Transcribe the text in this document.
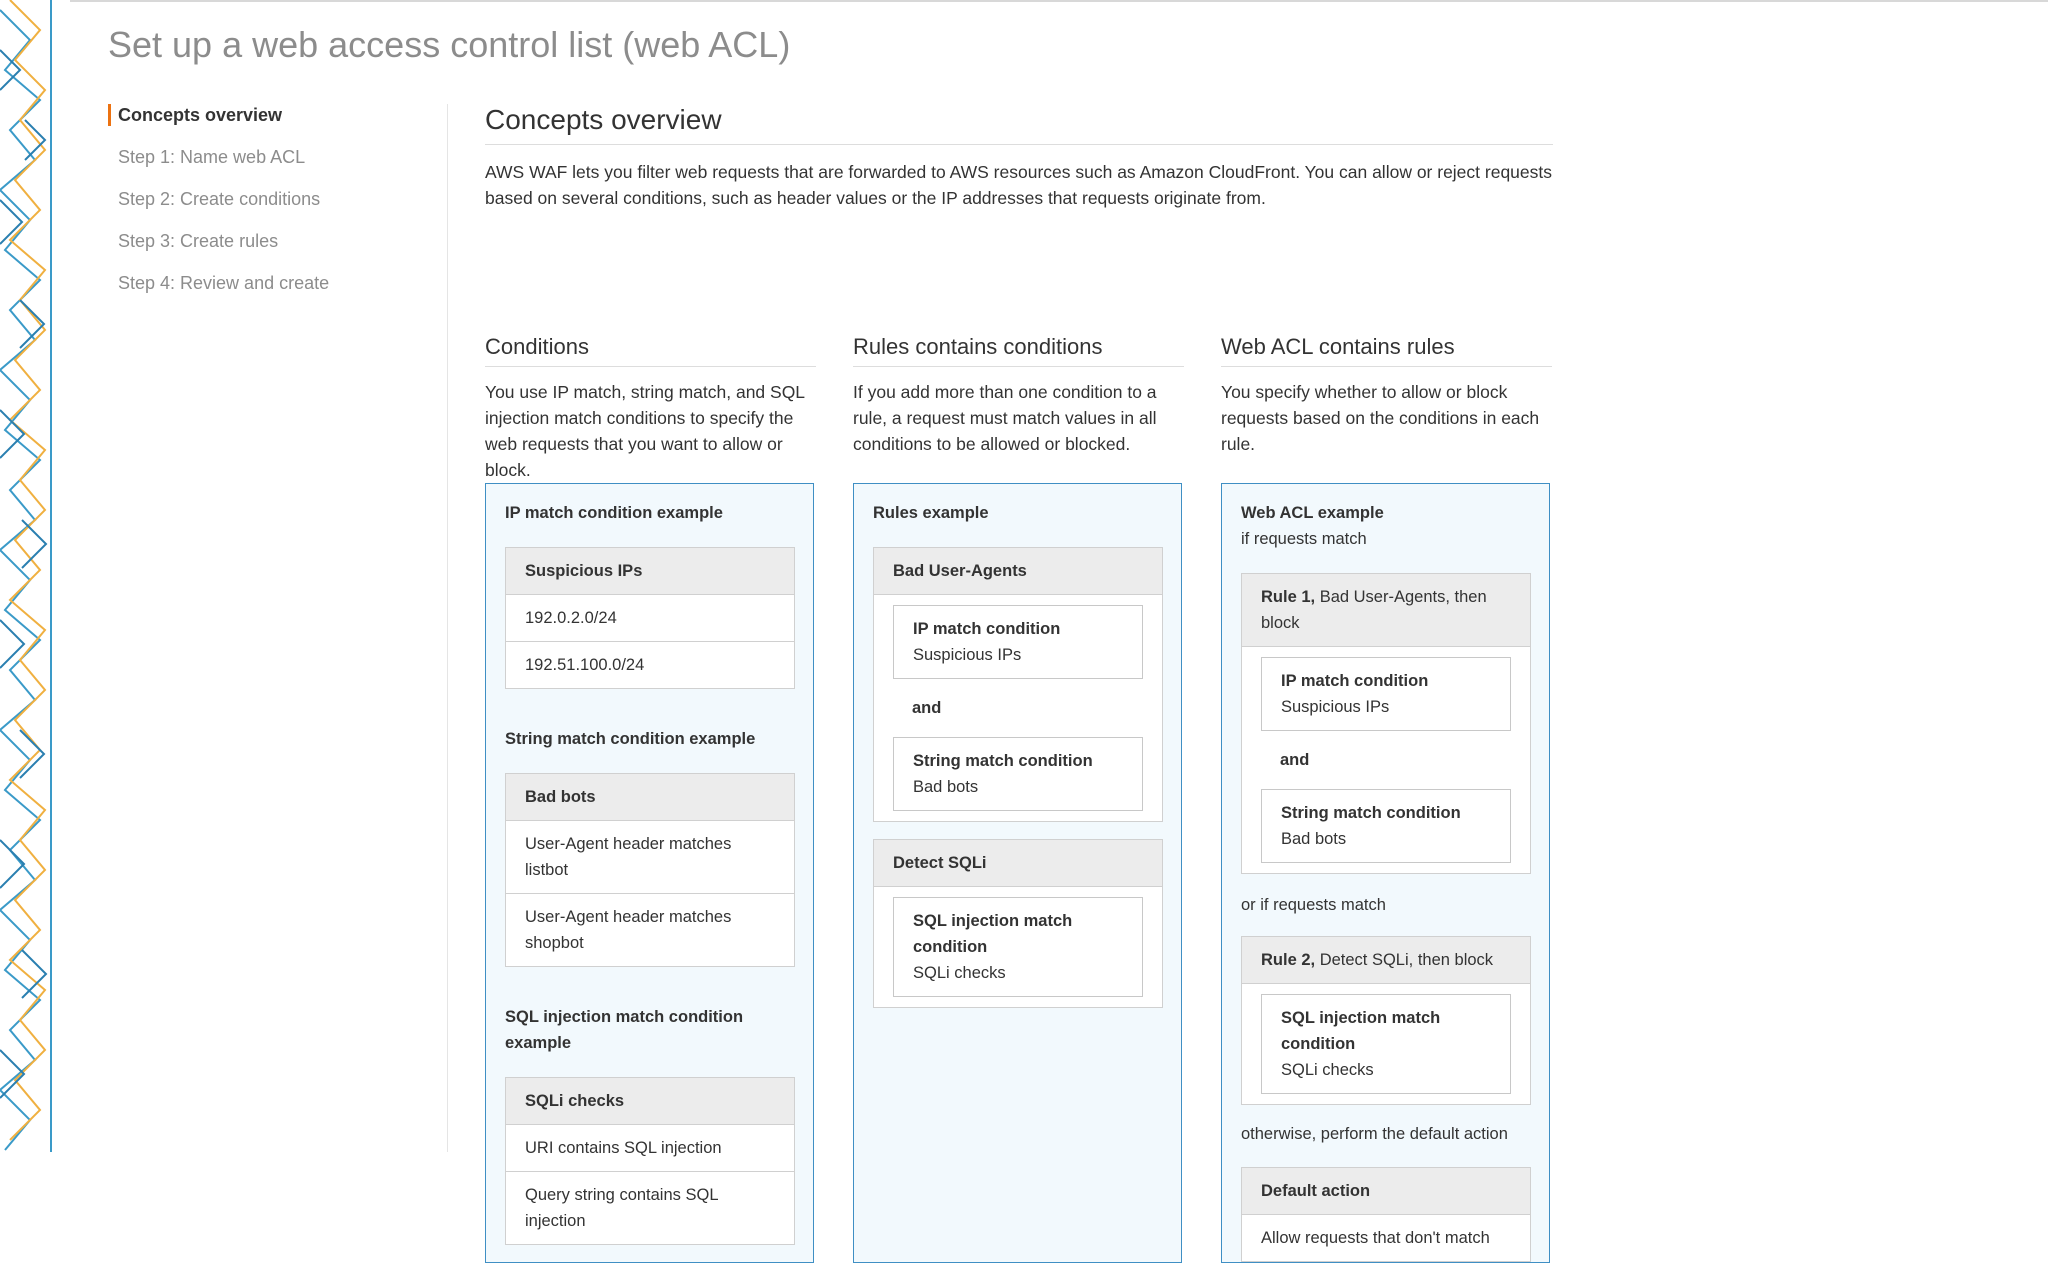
Set up a web access control list (web ACL)
Concepts overview
Step 1: Name web ACL
Step 2: Create conditions
Step 3: Create rules
Step 4: Review and create
Concepts overview

AWS WAF lets you filter web requests that are forwarded to AWS resources such as Amazon CloudFront. You can allow or reject requests based on several conditions, such as header values or the IP addresses that requests originate from.

Conditions

You use IP match, string match, and SQL injection match conditions to specify the web requests that you want to allow or block.

IP match condition example
Suspicious IPs
192.0.2.0/24
192.51.100.0/24
String match condition example
Bad bots
User-Agent header matches listbot
User-Agent header matches shopbot
SQL injection match condition example
SQLi checks
URI contains SQL injection
Query string contains SQL injection
Rules contains conditions

If you add more than one condition to a rule, a request must match values in all conditions to be allowed or blocked.

Rules example
Bad User-Agents
IP match condition
Suspicious IPs
and
String match condition
Bad bots
Detect SQLi
SQL injection match condition
SQLi checks
Web ACL contains rules

You specify whether to allow or block requests based on the conditions in each rule.

Web ACL example
if requests match
Rule 1, Bad User-Agents, then block
IP match condition
Suspicious IPs
and
String match condition
Bad bots
or if requests match
Rule 2, Detect SQLi, then block
SQL injection match condition
SQLi checks
otherwise, perform the default action
Default action
Allow requests that don't match
